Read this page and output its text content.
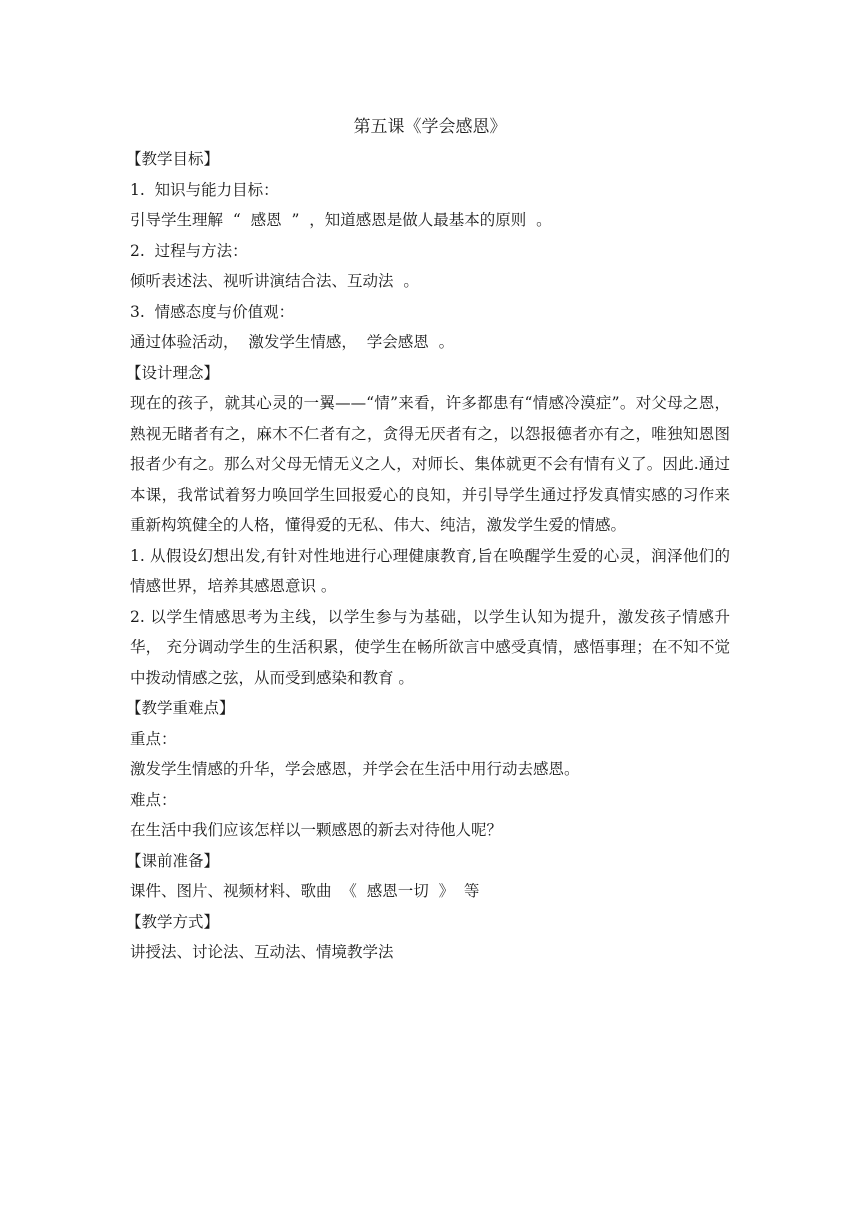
第五课《学会感恩》
【教学目标】
1.  知识与能力目标：
引导学生理解  “  感恩  ”  ，知道感恩是做人最基本的原则  。
2.  过程与方法：
倾听表述法、视听讲演结合法、互动法  。
3.  情感态度与价值观：
通过体验活动，  激发学生情感，  学会感恩  。
【设计理念】
现在的孩子，就其心灵的一翼——“情”来看，许多都患有“情感冷漠症”。对父母之恩，熟视无睹者有之，麻木不仁者有之，贪得无厌者有之，以怨报德者亦有之，唯独知恩图报者少有之。那么对父母无情无义之人，对师长、集体就更不会有情有义了。因此.通过本课，我常试着努力唤回学生回报爱心的良知，并引导学生通过抒发真情实感的习作来重新构筑健全的人格，懂得爱的无私、伟大、纯洁，激发学生爱的情感。
1. 从假设幻想出发,有针对性地进行心理健康教育,旨在唤醒学生爱的心灵，润泽他们的情感世界，培养其感恩意识 。
2. 以学生情感思考为主线，以学生参与为基础，以学生认知为提升，激发孩子情感升华， 充分调动学生的生活积累，使学生在畅所欲言中感受真情，感悟事理；在不知不觉中拨动情感之弦，从而受到感染和教育 。
【教学重难点】
重点：
激发学生情感的升华，学会感恩，并学会在生活中用行动去感恩。
难点：
在生活中我们应该怎样以一颗感恩的新去对待他人呢？
【课前准备】
课件、图片、视频材料、歌曲  《  感恩一切  》  等
【教学方式】
讲授法、讨论法、互动法、情境教学法
